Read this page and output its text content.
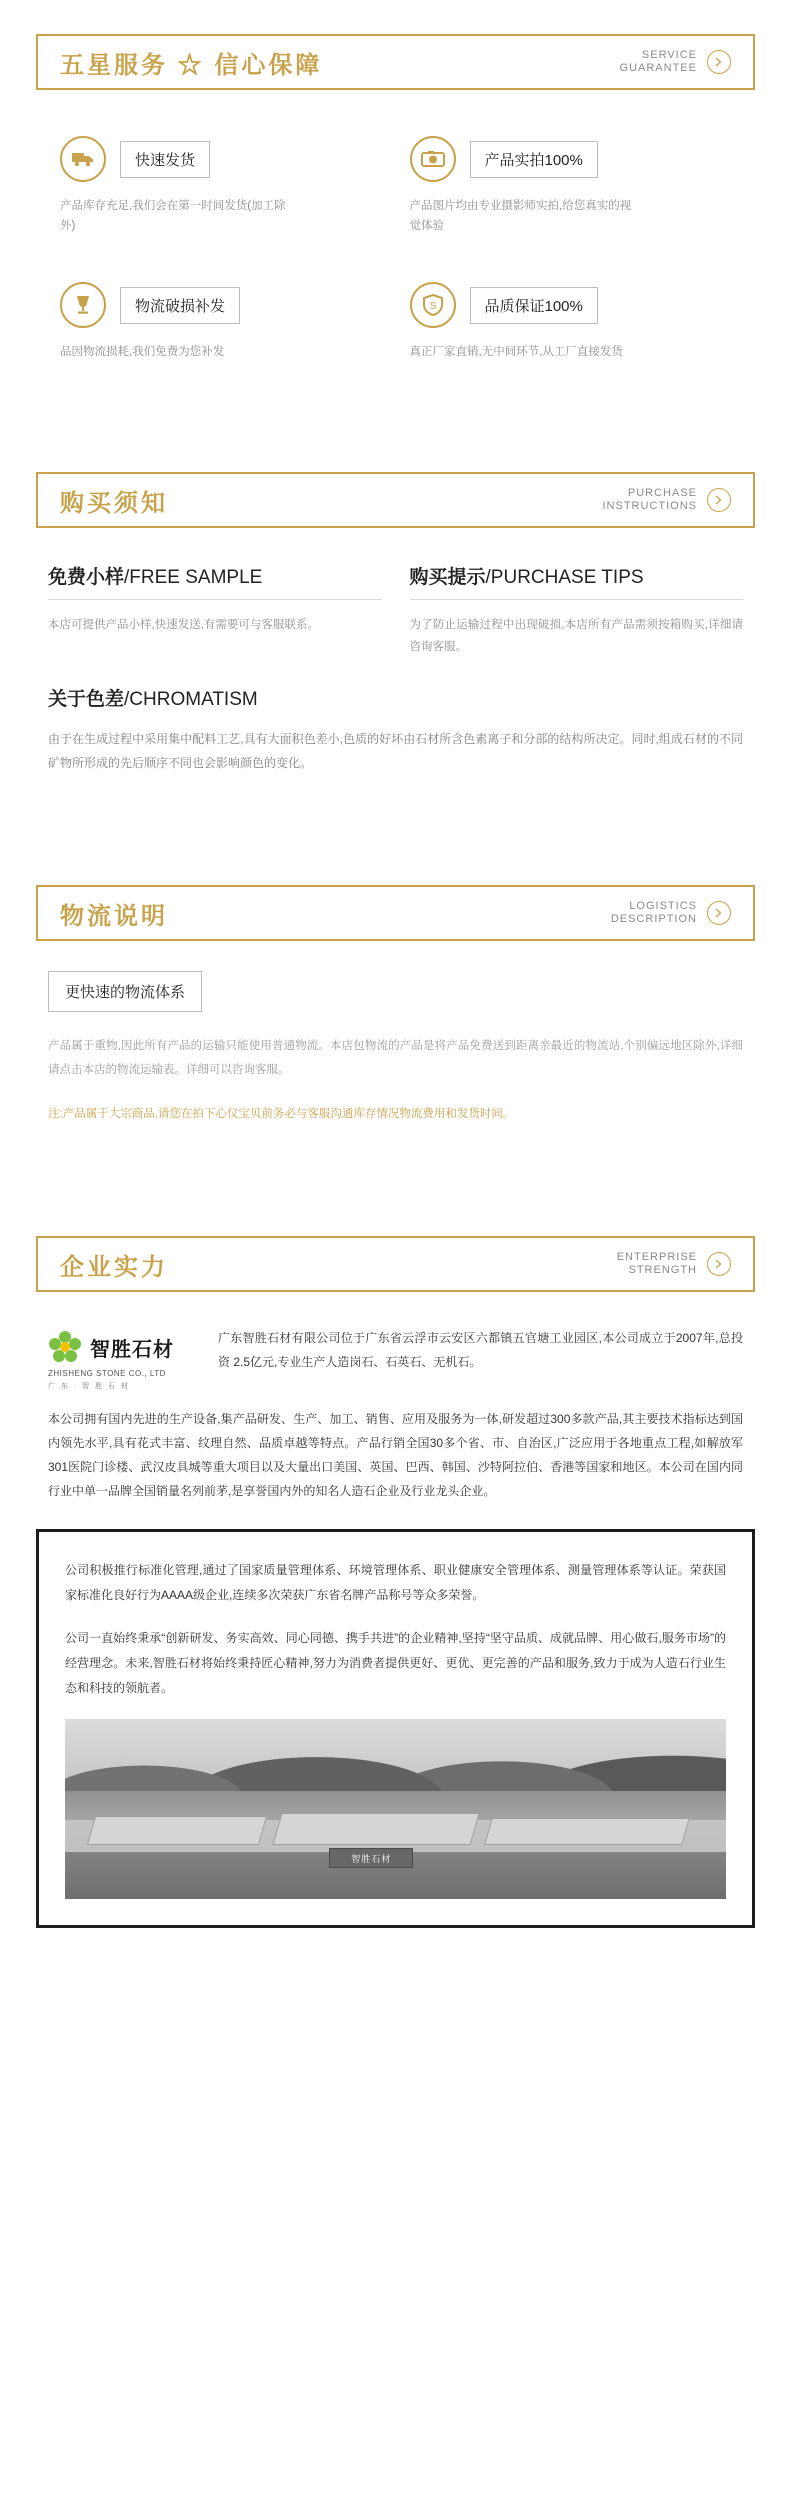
五星服务 ☆ 信心保障	SERVICE
GUARANTEE
快速发货
产品库存充足,我们会在第一时间发货(加工除外)
产品实拍100%
产品图片均由专业摄影师实拍,给您真实的视觉体验
物流破损补发
品因物流损耗,我们免费为您补发
S	品质保证100%
真正厂家直销,无中间环节,从工厂直接发货
购买须知	PURCHASE
INSTRUCTIONS
免费小样/FREE SAMPLE
本店可提供产品小样,快速发送,有需要可与客服联系。
购买提示/PURCHASE TIPS
为了防止运输过程中出现破损,本店所有产品需须按箱购买,详细请咨询客服。
关于色差/CHROMATISM
由于在生成过程中采用集中配料工艺,具有大面积色差小,色质的好坏由石材所含色素离子和分部的结构所决定。同时,组成石材的不同矿物所形成的先后顺序不同也会影响颜色的变化。
物流说明	LOGISTICS
DESCRIPTION
更快速的物流体系
产品属于重物,因此所有产品的运输只能使用普通物流。本店包物流的产品是将产品免费送到距离亲最近的物流站,个别偏远地区除外,详细请点击本店的物流运输表。详细可以咨询客服。
注:产品属于大宗商品,请您在拍下心仪宝贝前务必与客服沟通库存情况物流费用和发货时间。
企业实力	ENTERPRISE
STRENGTH
智胜石材
ZHISHENG STONE CO., LTD
广 东 · 智 胜 石 材
广东智胜石材有限公司位于广东省云浮市云安区六都镇五官塘工业园区,本公司成立于2007年,总投资 2.5亿元,专业生产人造岗石、石英石、无机石。
本公司拥有国内先进的生产设备,集产品研发、生产、加工、销售、应用及服务为一体,研发超过300多款产品,其主要技术指标达到国内领先水平,具有花式丰富、纹理自然、品质卓越等特点。产品行销全国30多个省、市、自治区,广泛应用于各地重点工程,如解放军301医院门诊楼、武汉皮具城等重大项目以及大量出口美国、英国、巴西、韩国、沙特阿拉伯、香港等国家和地区。本公司在国内同行业中单一品牌全国销量名列前茅,是享誉国内外的知名人造石企业及行业龙头企业。

公司积极推行标准化管理,通过了国家质量管理体系、环境管理体系、职业健康安全管理体系、测量管理体系等认证。荣获国家标准化良好行为AAAA级企业,连续多次荣获广东省名牌产品称号等众多荣誉。

公司一直始终秉承“创新研发、务实高效、同心同德、携手共进”的企业精神,坚持“坚守品质、成就品牌、用心做石,服务市场”的经营理念。未来,智胜石材将始终秉持匠心精神,努力为消费者提供更好、更优、更完善的产品和服务,致力于成为人造石行业生态和科技的领航者。

智胜石材
